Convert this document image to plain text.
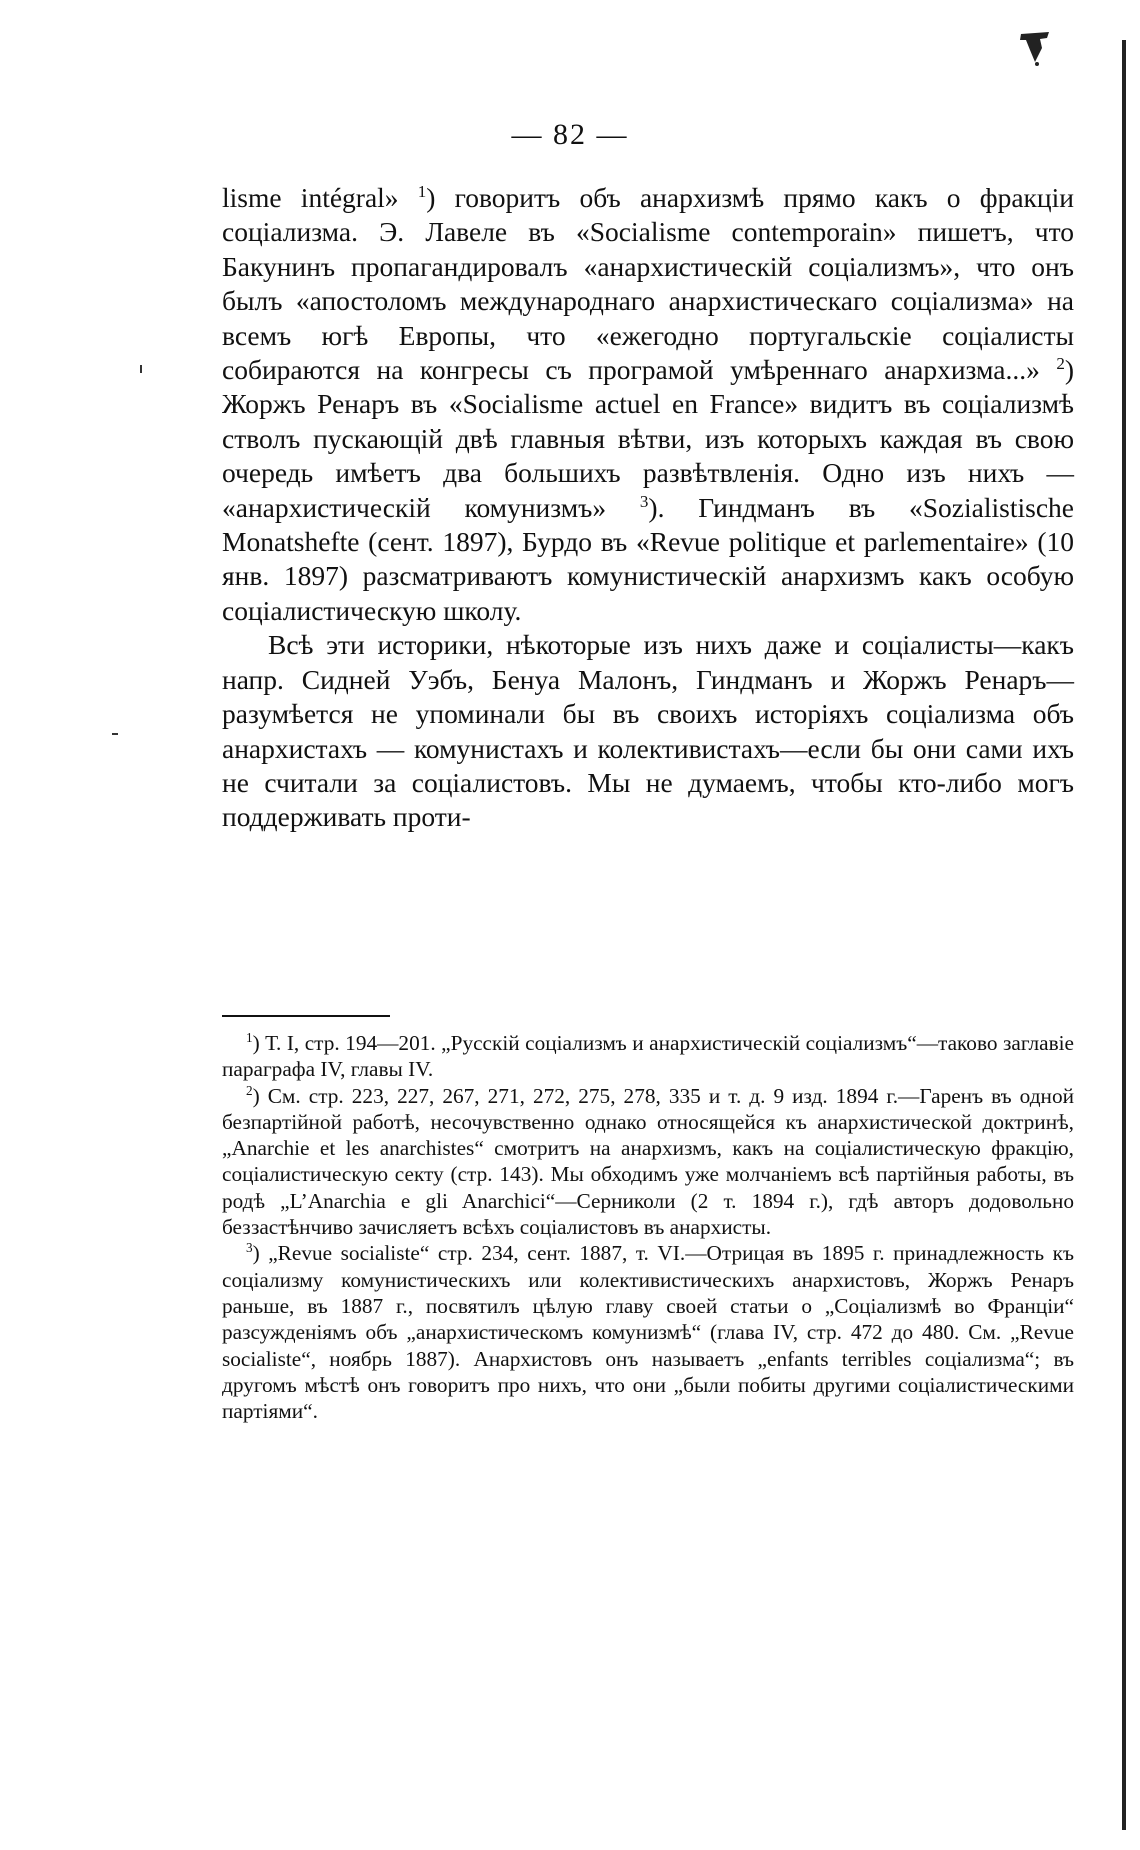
— 82 —

lisme intégral» $^1$) говоритъ объ анархизмѣ прямо какъ о фракціи соціализма. Э. Лавеле въ «Socialisme contemporain» пишетъ, что Бакунинъ пропагандировалъ «анархистическій соціализмъ», что онъ былъ «апостоломъ международнаго анархистическаго соціализма» на всемъ югѣ Европы, что «ежегодно португальскіе соціалисты собираются на конгресы съ програмой умѣреннаго анархизма...» $^2$) Жоржъ Ренаръ въ «Socialisme actuel en France» видитъ въ соціализмѣ стволъ пускающій двѣ главныя вѣтви, изъ которыхъ каждая въ свою очередь имѣетъ два большихъ развѣтвленія. Одно изъ нихъ — «анархистическій комунизмъ» $^3$). Гиндманъ въ «Sozialistische Monatshefte (сент. 1897), Бурдо въ «Revue politique et parlementaire» (10 янв. 1897) разсматриваютъ комунистическій анархизмъ какъ особую соціалистическую школу.

Всѣ эти историки, нѣкоторые изъ нихъ даже и соціалисты—какъ напр. Сидней Уэбъ, Бенуа Малонъ, Гиндманъ и Жоржъ Ренаръ—разумѣется не упоминали бы въ своихъ исторіяхъ соціализма объ анархистахъ — комунистахъ и колективистахъ—если бы они сами ихъ не считали за соціалистовъ. Мы не думаемъ, чтобы кто-либо могъ поддерживать проти-

$^1$) Т. I, стр. 194—201. „Русскій соціализмъ и анархистическій соціализмъ“—таково заглавіе параграфа IV, главы IV.

$^2$) См. стр. 223, 227, 267, 271, 272, 275, 278, 335 и т. д. 9 изд. 1894 г.—Гаренъ въ одной безпартійной работѣ, несочувственно однако относящейся къ анархистической доктринѣ, „Anarchie et les anarchistes“ смотритъ на анархизмъ, какъ на соціалистическую фракцію, соціалистическую секту (стр. 143). Мы обходимъ уже молчаніемъ всѣ партійныя работы, въ родѣ „L’Anarchia e gli Anarchici“—Серниколи (2 т. 1894 г.), гдѣ авторъ додовольно беззастѣнчиво зачисляетъ всѣхъ соціалистовъ въ анархисты.

$^3$) „Revue socialiste“ стр. 234, сент. 1887, т. VI.—Отрицая въ 1895 г. принадлежность къ соціализму комунистическихъ или колективистическихъ анархистовъ, Жоржъ Ренаръ раньше, въ 1887 г., посвятилъ цѣлую главу своей статьи о „Соціализмѣ во Франціи“ разсужденіямъ объ „анархистическомъ комунизмѣ“ (глава IV, стр. 472 до 480. См. „Revue socialiste“, ноябрь 1887). Анархистовъ онъ называетъ „enfants terribles соціализма“; въ другомъ мѣстѣ онъ говоритъ про нихъ, что они „были побиты другими соціалистическими партіями“.
